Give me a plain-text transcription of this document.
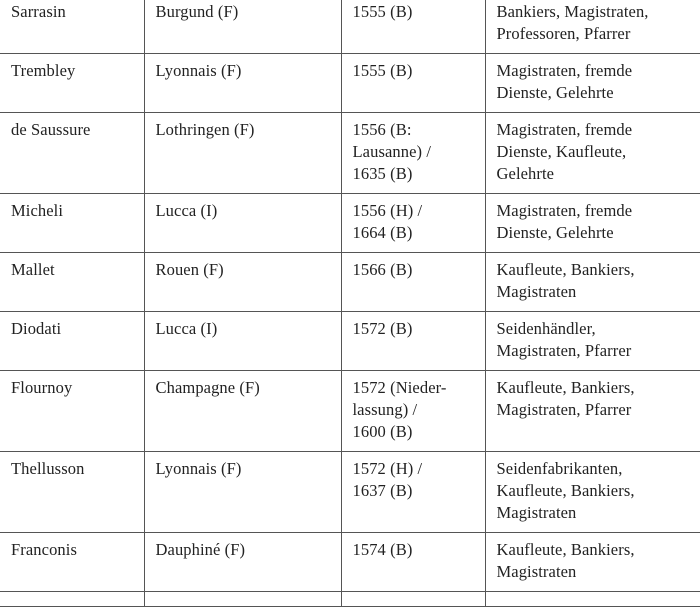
Sarrasin	Burgund (F)	1555 (B)	Bankiers, Magistraten,
Professoren, Pfarrer

Trembley	Lyonnais (F)	1555 (B)	Magistraten, fremde
Dienste, Gelehrte

de Saussure	Lothringen (F)	1556 (B:
Lausanne) /
1635 (B)	Magistraten, fremde
Dienste, Kaufleute,
Gelehrte

Micheli	Lucca (I)	1556 (H) /
1664 (B)	Magistraten, fremde
Dienste, Gelehrte

Mallet	Rouen (F)	1566 (B)	Kaufleute, Bankiers,
Magistraten

Diodati	Lucca (I)	1572 (B)	Seidenhändler,
Magistraten, Pfarrer

Flournoy	Champagne (F)	1572 (Nieder-
lassung) /
1600 (B)	Kaufleute, Bankiers,
Magistraten, Pfarrer

Thellusson	Lyonnais (F)	1572 (H) /
1637 (B)	Seidenfabrikanten,
Kaufleute, Bankiers,
Magistraten

Franconis	Dauphiné (F)	1574 (B)	Kaufleute, Bankiers,
Magistraten
